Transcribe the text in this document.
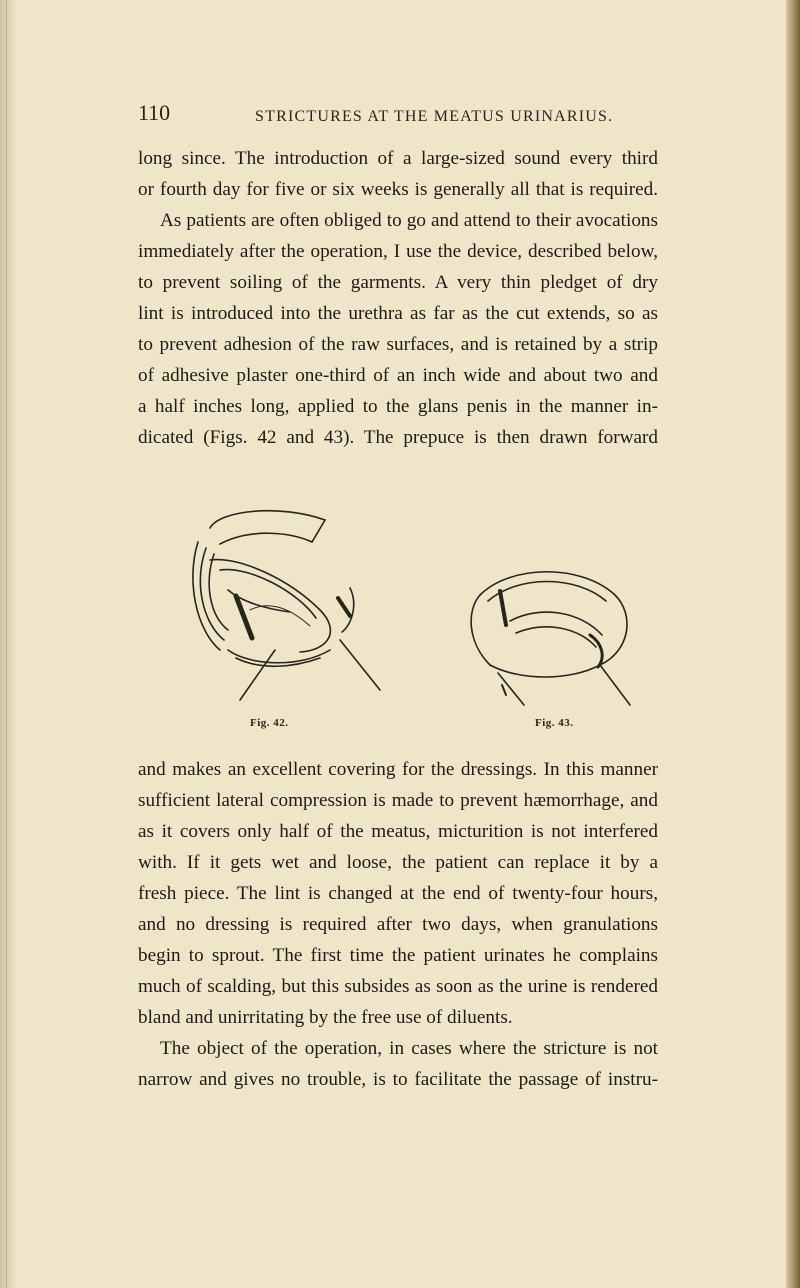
110	STRICTURES AT THE MEATUS URINARIUS.
long since. The introduction of a large-sized sound every third
or fourth day for five or six weeks is generally all that is required.
As patients are often obliged to go and attend to their avocations
immediately after the operation, I use the device, described below,
to prevent soiling of the garments. A very thin pledget of dry
lint is introduced into the urethra as far as the cut extends, so as
to prevent adhesion of the raw surfaces, and is retained by a strip
of adhesive plaster one-third of an inch wide and about two and
a half inches long, applied to the glans penis in the manner in-
dicated (Figs. 42 and 43). The prepuce is then drawn forward
Fig. 42.	Fig. 43.
and makes an excellent covering for the dressings. In this manner
sufficient lateral compression is made to prevent hæmorrhage, and
as it covers only half of the meatus, micturition is not interfered
with. If it gets wet and loose, the patient can replace it by a
fresh piece. The lint is changed at the end of twenty-four hours,
and no dressing is required after two days, when granulations
begin to sprout. The first time the patient urinates he complains
much of scalding, but this subsides as soon as the urine is rendered
bland and unirritating by the free use of diluents.
The object of the operation, in cases where the stricture is not
narrow and gives no trouble, is to facilitate the passage of instru-
